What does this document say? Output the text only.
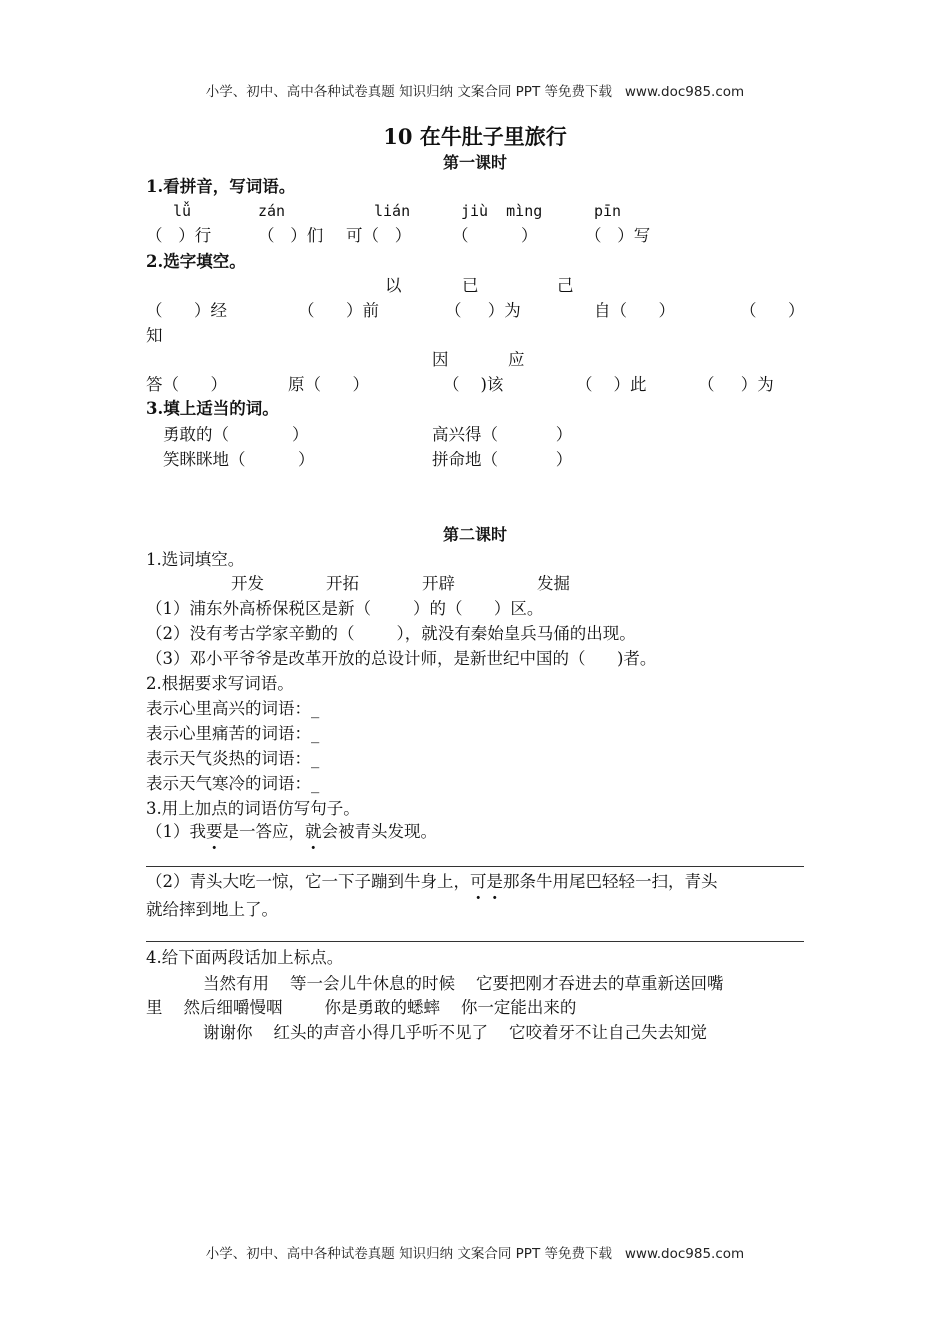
小学、初中、高中各种试卷真题 知识归纳 文案合同 PPT 等免费下载   www.doc985.com
小学、初中、高中各种试卷真题 知识归纳 文案合同 PPT 等免费下载   www.doc985.com
10 在牛肚子里旅行
第一课时
1.看拼音，写词语。
lǚ	zán	lián	jiù  mìng	pīn
（   ）行	（   ）们 可（   ） （          ）	（   ）写
2.选字填空。
以	已	己
（      ）经	（      ）前	（     ）为	自（      ）	（      ）
知
因	应
答（      ）	原（      ）	（    )该	（    ）此	（     ）为
3.填上适当的词。
勇敢的（            ）	高兴得（           ）
笑眯眯地（          ）	拼命地（           ）
第二课时
1.选词填空。
开发	开拓	开辟	发掘
（1）浦东外高桥保税区是新（        ）的（      ）区。
（2）没有考古学家辛勤的（        ），就没有秦始皇兵马俑的出现。
（3）邓小平爷爷是改革开放的总设计师，是新世纪中国的（      )者。
2.根据要求写词语。
表示心里高兴的词语：_
表示心里痛苦的词语：_
表示天气炎热的词语：_
表示天气寒冷的词语：_
3.用上加点的词语仿写句子。
（1）我要是一答应，就会被青头发现。
（2）青头大吃一惊，它一下子蹦到牛身上，可是那条牛用尾巴轻轻一扫，青头
就给摔到地上了。
4.给下面两段话加上标点。
当然有用    等一会儿牛休息的时候    它要把刚才吞进去的草重新送回嘴
里    然后细嚼慢咽        你是勇敢的蟋蟀    你一定能出来的
谢谢你    红头的声音小得几乎听不见了    它咬着牙不让自己失去知觉
